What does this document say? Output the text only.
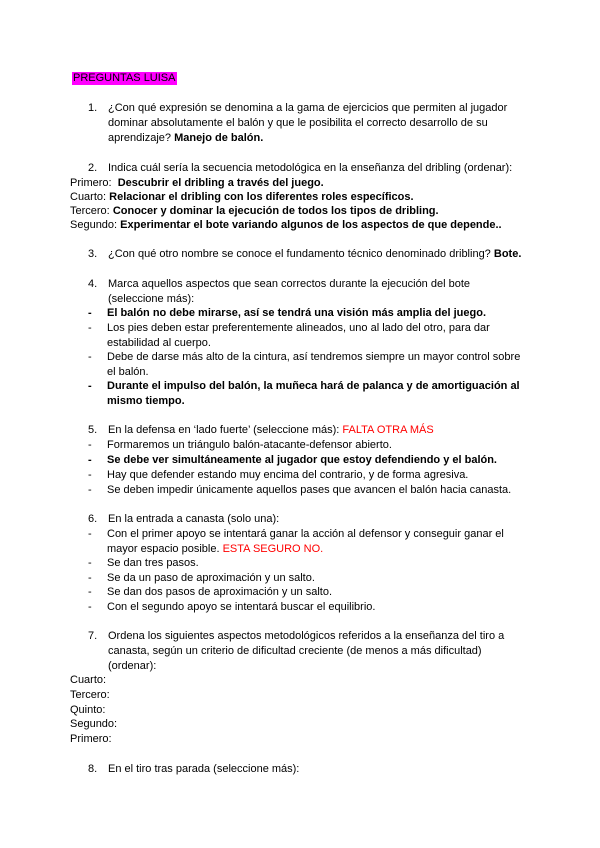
PREGUNTAS LUISA
1. ¿Con qué expresión se denomina a la gama de ejercicios que permiten al jugador dominar absolutamente el balón y que le posibilita el correcto desarrollo de su aprendizaje? Manejo de balón.
2. Indica cuál sería la secuencia metodológica en la enseñanza del dribling (ordenar):
Primero: Descubrir el dribling a través del juego.
Cuarto: Relacionar el dribling con los diferentes roles específicos.
Tercero: Conocer y dominar la ejecución de todos los tipos de dribling.
Segundo: Experimentar el bote variando algunos de los aspectos de que depende..
3. ¿Con qué otro nombre se conoce el fundamento técnico denominado dribling? Bote.
4. Marca aquellos aspectos que sean correctos durante la ejecución del bote (seleccione más):
- El balón no debe mirarse, así se tendrá una visión más amplia del juego.
- Los pies deben estar preferentemente alineados, uno al lado del otro, para dar estabilidad al cuerpo.
- Debe de darse más alto de la cintura, así tendremos siempre un mayor control sobre el balón.
- Durante el impulso del balón, la muñeca hará de palanca y de amortiguación al mismo tiempo.
5. En la defensa en ‘lado fuerte’ (seleccione más): FALTA OTRA MÁS
- Formaremos un triángulo balón-atacante-defensor abierto.
- Se debe ver simultáneamente al jugador que estoy defendiendo y el balón.
- Hay que defender estando muy encima del contrario, y de forma agresiva.
- Se deben impedir únicamente aquellos pases que avancen el balón hacia canasta.
6. En la entrada a canasta (solo una):
- Con el primer apoyo se intentará ganar la acción al defensor y conseguir ganar el mayor espacio posible. ESTA SEGURO NO.
- Se dan tres pasos.
- Se da un paso de aproximación y un salto.
- Se dan dos pasos de aproximación y un salto.
- Con el segundo apoyo se intentará buscar el equilibrio.
7. Ordena los siguientes aspectos metodológicos referidos a la enseñanza del tiro a canasta, según un criterio de dificultad creciente (de menos a más dificultad) (ordenar):
Cuarto:
Tercero:
Quinto:
Segundo:
Primero:
8. En el tiro tras parada (seleccione más):
